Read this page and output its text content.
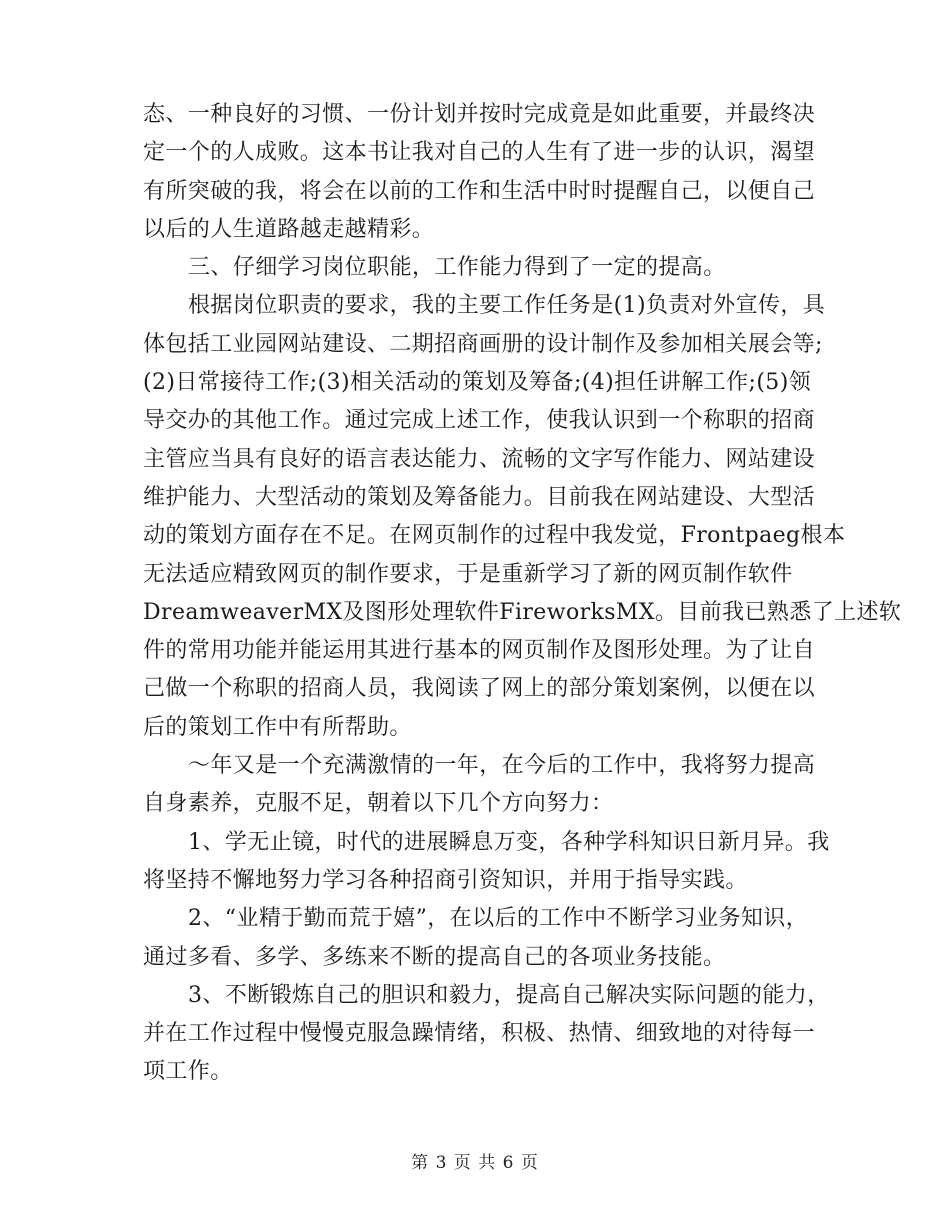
态、一种良好的习惯、一份计划并按时完成竟是如此重要，并最终决
定一个的人成败。这本书让我对自己的人生有了进一步的认识，渴望
有所突破的我，将会在以前的工作和生活中时时提醒自己，以便自己
以后的人生道路越走越精彩。
三、仔细学习岗位职能，工作能力得到了一定的提高。
根据岗位职责的要求，我的主要工作任务是(1)负责对外宣传，具
体包括工业园网站建设、二期招商画册的设计制作及参加相关展会等;
(2)日常接待工作;(3)相关活动的策划及筹备;(4)担任讲解工作;(5)领
导交办的其他工作。通过完成上述工作，使我认识到一个称职的招商
主管应当具有良好的语言表达能力、流畅的文字写作能力、网站建设
维护能力、大型活动的策划及筹备能力。目前我在网站建设、大型活
动的策划方面存在不足。在网页制作的过程中我发觉，Frontpaeg根本
无法适应精致网页的制作要求，于是重新学习了新的网页制作软件
DreamweaverMX及图形处理软件FireworksMX。目前我已熟悉了上述软
件的常用功能并能运用其进行基本的网页制作及图形处理。为了让自
己做一个称职的招商人员，我阅读了网上的部分策划案例，以便在以
后的策划工作中有所帮助。
～年又是一个充满激情的一年，在今后的工作中，我将努力提高
自身素养，克服不足，朝着以下几个方向努力：
1、学无止镜，时代的进展瞬息万变，各种学科知识日新月异。我
将坚持不懈地努力学习各种招商引资知识，并用于指导实践。
2、“业精于勤而荒于嬉”，在以后的工作中不断学习业务知识，
通过多看、多学、多练来不断的提高自己的各项业务技能。
3、不断锻炼自己的胆识和毅力，提高自己解决实际问题的能力，
并在工作过程中慢慢克服急躁情绪，积极、热情、细致地的对待每一
项工作。
第 3 页 共 6 页
